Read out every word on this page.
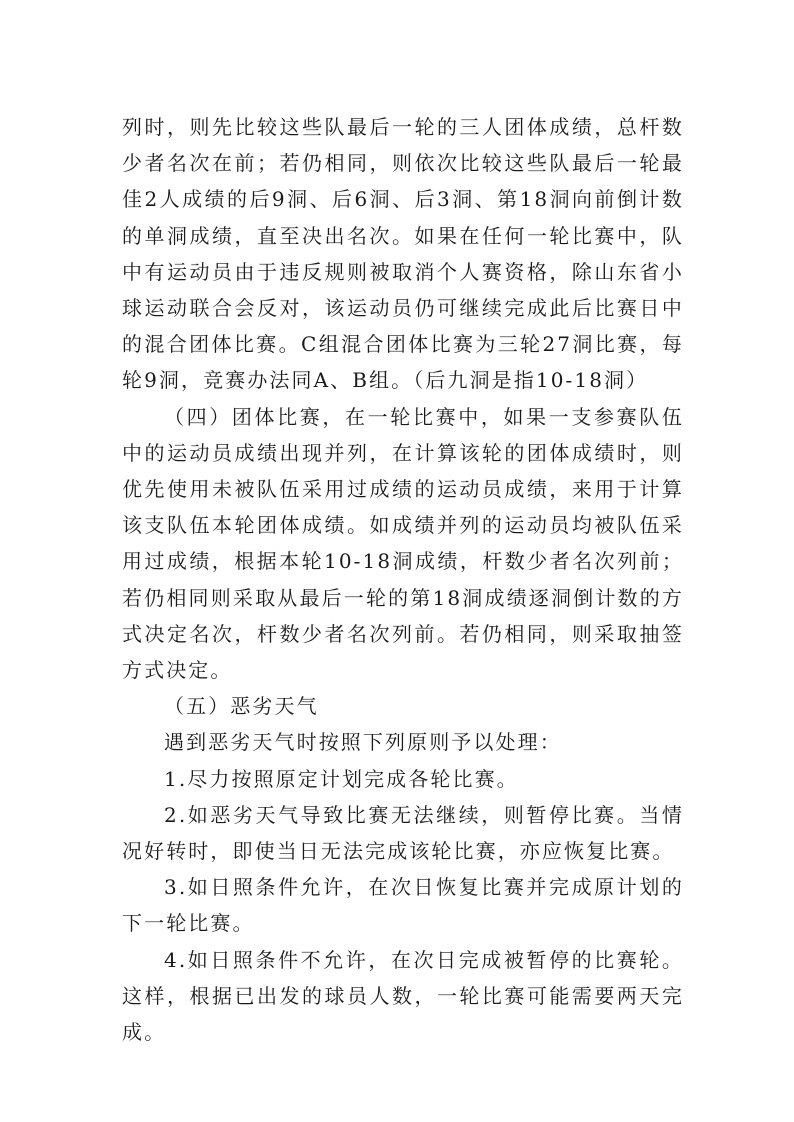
列时，则先比较这些队最后一轮的三人团体成绩，总杆数少者名次在前；若仍相同，则依次比较这些队最后一轮最佳2人成绩的后9洞、后6洞、后3洞、第18洞向前倒计数的单洞成绩，直至决出名次。如果在任何一轮比赛中，队中有运动员由于违反规则被取消个人赛资格，除山东省小球运动联合会反对，该运动员仍可继续完成此后比赛日中的混合团体比赛。C组混合团体比赛为三轮27洞比赛，每轮9洞，竞赛办法同A、B组。（后九洞是指10-18洞）

（四）团体比赛，在一轮比赛中，如果一支参赛队伍中的运动员成绩出现并列，在计算该轮的团体成绩时，则优先使用未被队伍采用过成绩的运动员成绩，来用于计算该支队伍本轮团体成绩。如成绩并列的运动员均被队伍采用过成绩，根据本轮10-18洞成绩，杆数少者名次列前；若仍相同则采取从最后一轮的第18洞成绩逐洞倒计数的方式决定名次，杆数少者名次列前。若仍相同，则采取抽签方式决定。

（五）恶劣天气

遇到恶劣天气时按照下列原则予以处理：

1.尽力按照原定计划完成各轮比赛。

2.如恶劣天气导致比赛无法继续，则暂停比赛。当情况好转时，即使当日无法完成该轮比赛，亦应恢复比赛。

3.如日照条件允许，在次日恢复比赛并完成原计划的下一轮比赛。

4.如日照条件不允许，在次日完成被暂停的比赛轮。这样，根据已出发的球员人数，一轮比赛可能需要两天完成。
